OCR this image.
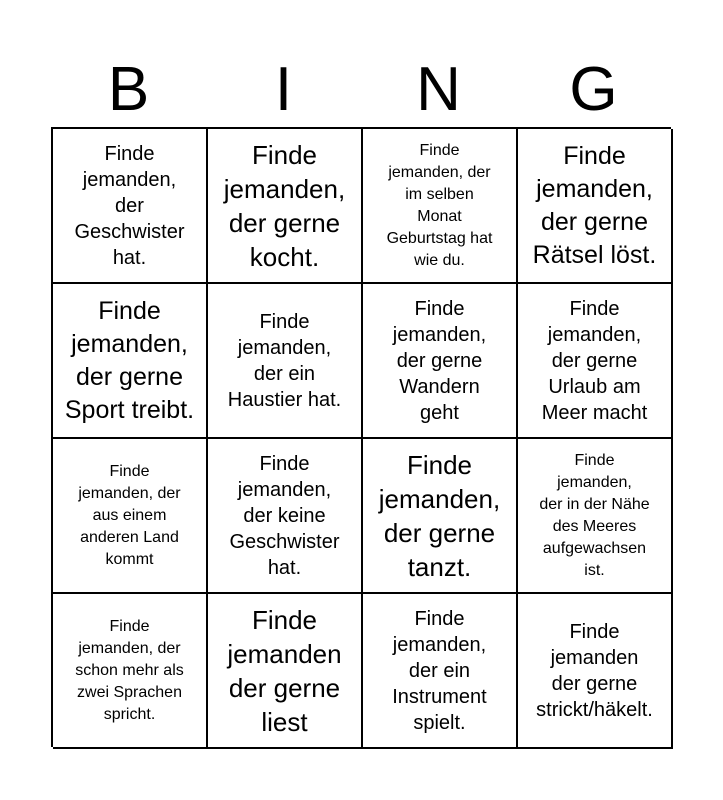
B	I	N	G
Finde
jemanden,
der
Geschwister
hat.
Finde
jemanden,
der gerne
kocht.
Finde
jemanden, der
im selben
Monat
Geburtstag hat
wie du.
Finde
jemanden,
der gerne
Rätsel löst.
Finde
jemanden,
der gerne
Sport treibt.
Finde
jemanden,
der ein
Haustier hat.
Finde
jemanden,
der gerne
Wandern
geht
Finde
jemanden,
der gerne
Urlaub am
Meer macht
Finde
jemanden, der
aus einem
anderen Land
kommt
Finde
jemanden,
der keine
Geschwister
hat.
Finde
jemanden,
der gerne
tanzt.
Finde
jemanden,
der in der Nähe
des Meeres
aufgewachsen
ist.
Finde
jemanden, der
schon mehr als
zwei Sprachen
spricht.
Finde
jemanden
der gerne
liest
Finde
jemanden,
der ein
Instrument
spielt.
Finde
jemanden
der gerne
strickt/häkelt.
